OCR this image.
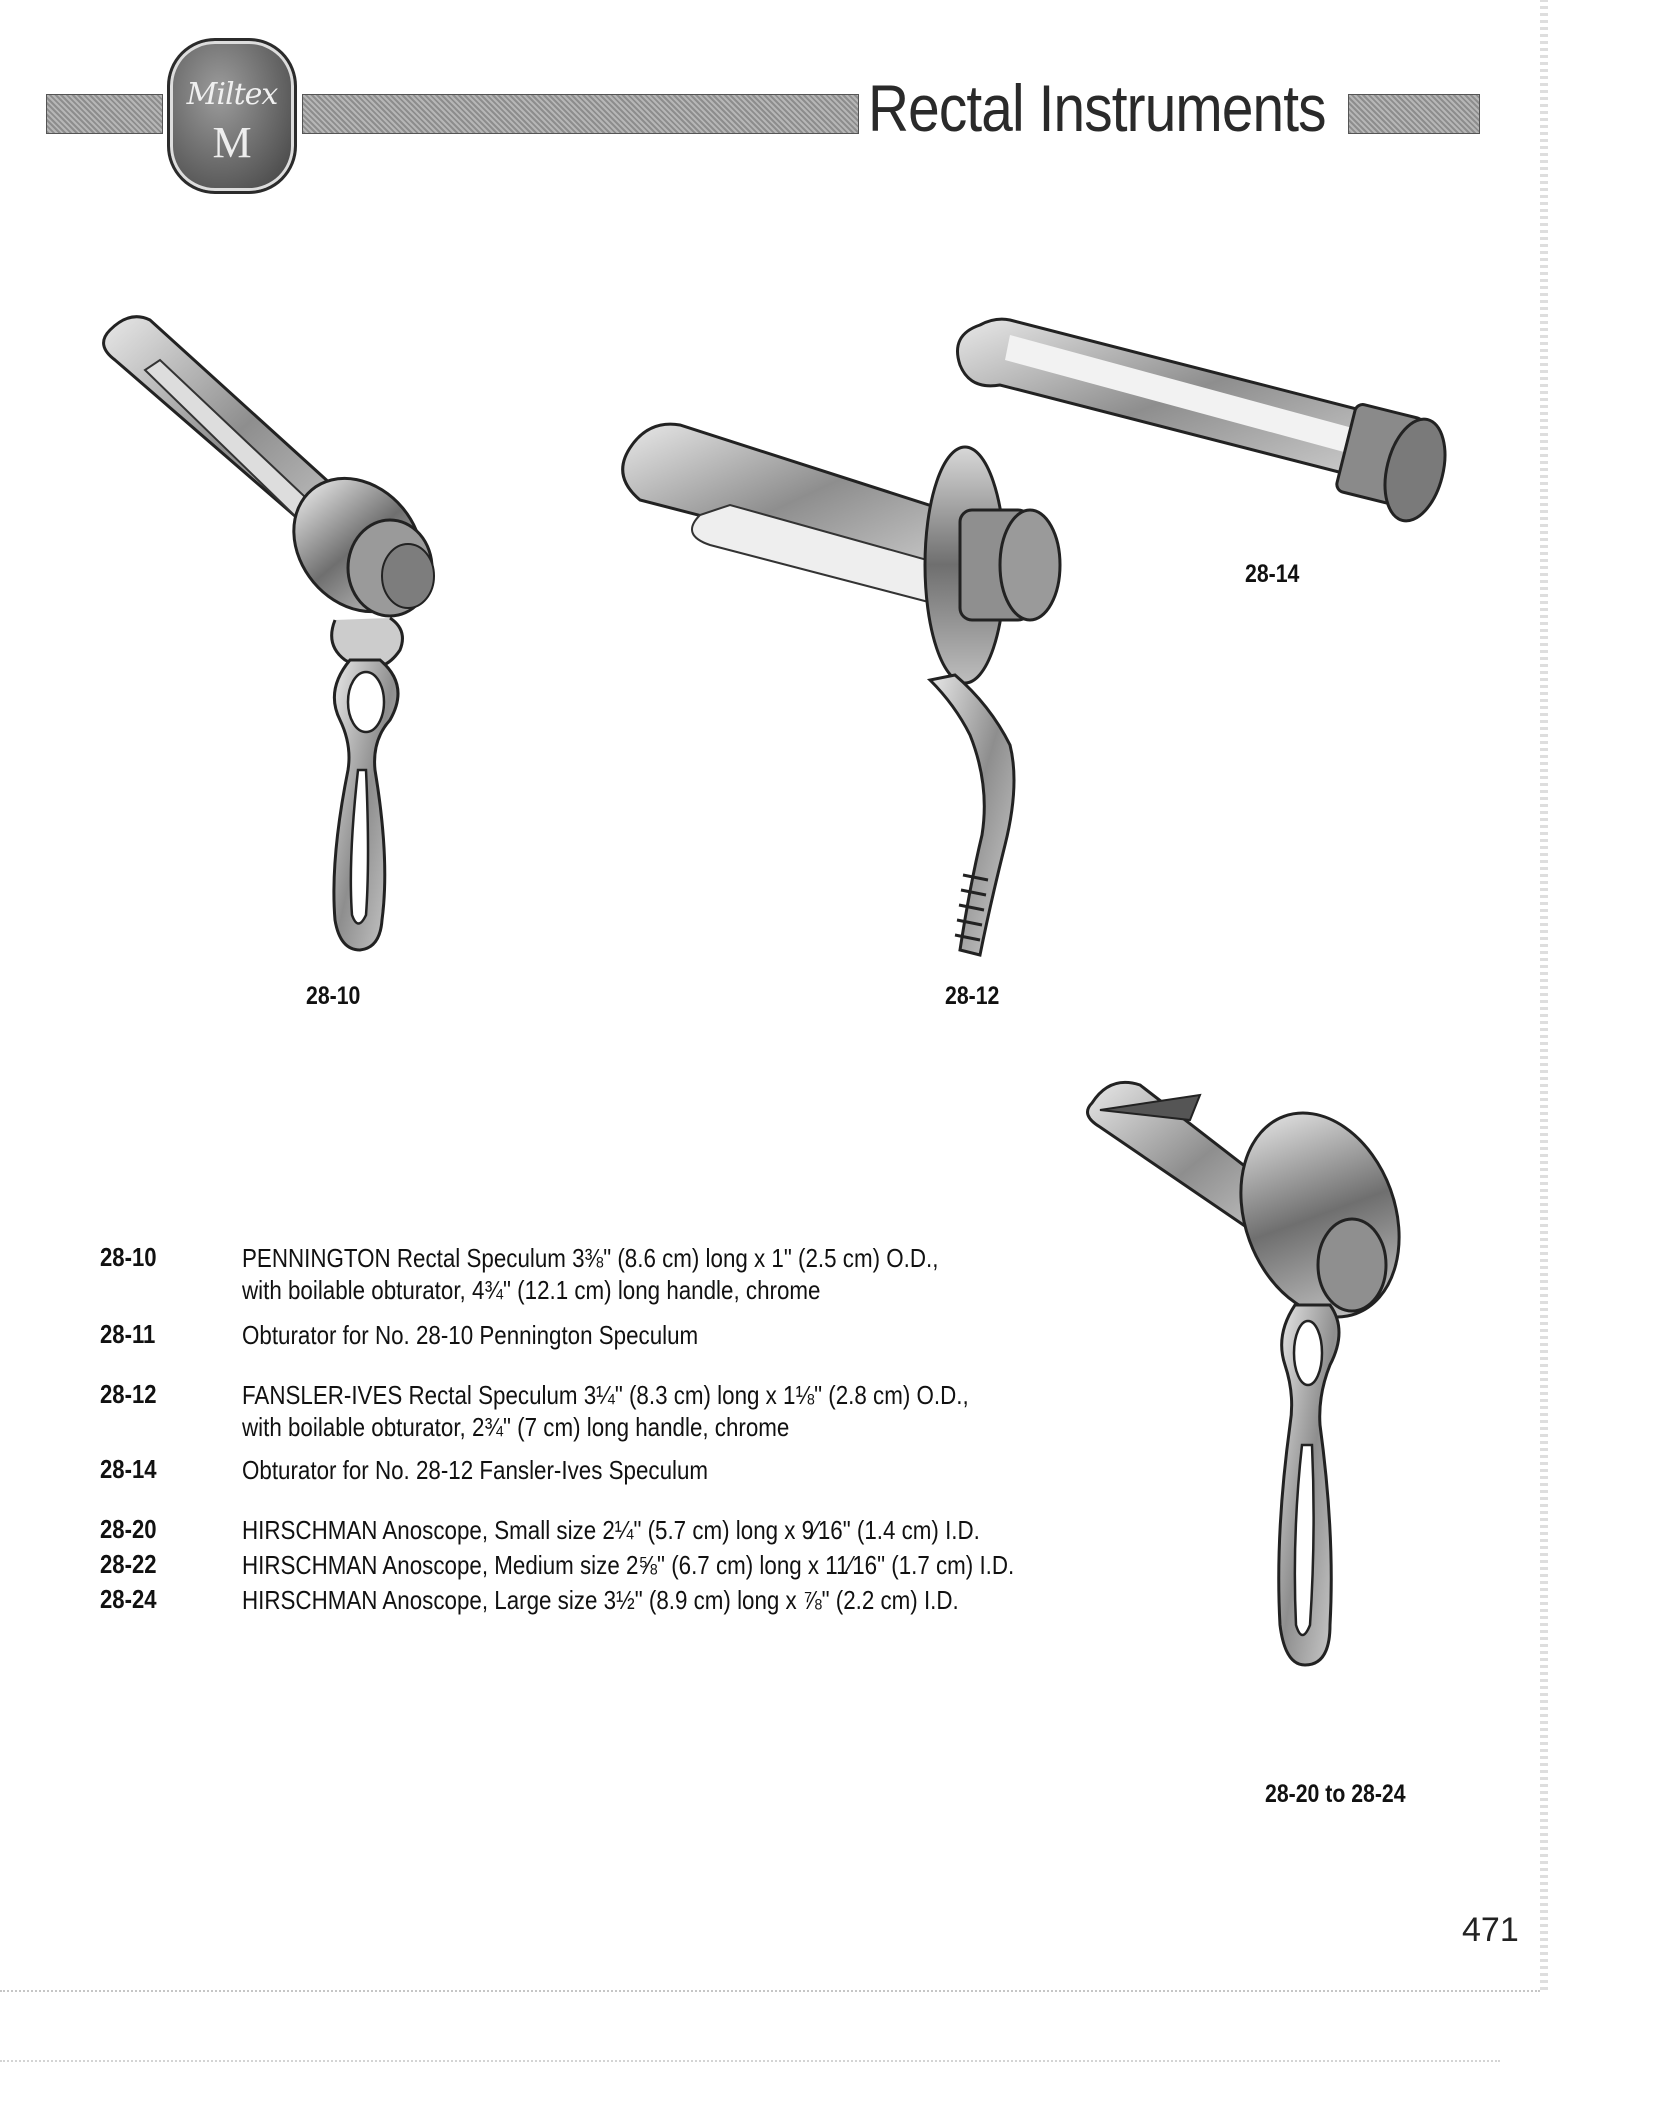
Miltex
M	Rectal Instruments
28-10	28-12
28-14
28-20 to 28-24
28-10	PENNINGTON Rectal Speculum 3⅜" (8.6 cm) long x 1" (2.5 cm) O.D.,
with boilable obturator, 4¾" (12.1 cm) long handle, chrome
28-11	Obturator for No. 28-10 Pennington Speculum
28-12	FANSLER-IVES Rectal Speculum 3¼" (8.3 cm) long x 1⅛" (2.8 cm) O.D.,
with boilable obturator, 2¾" (7 cm) long handle, chrome
28-14	Obturator for No. 28-12 Fansler-Ives Speculum
28-20	HIRSCHMAN Anoscope, Small size 2¼" (5.7 cm) long x 9⁄16" (1.4 cm) I.D.
28-22	HIRSCHMAN Anoscope, Medium size 2⅝" (6.7 cm) long x 11⁄16" (1.7 cm) I.D.
28-24	HIRSCHMAN Anoscope, Large size 3½" (8.9 cm) long x ⅞" (2.2 cm) I.D.
471
